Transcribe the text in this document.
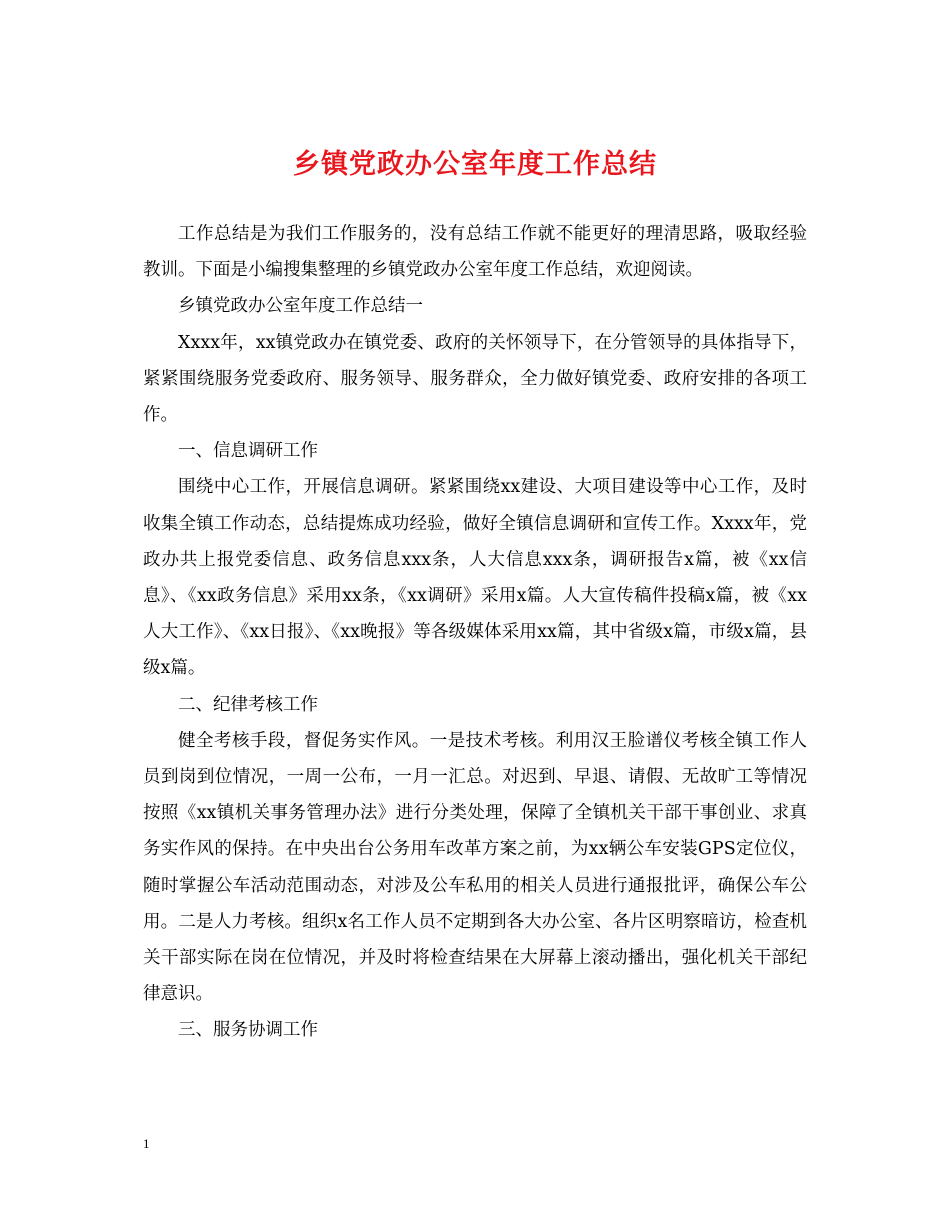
乡镇党政办公室年度工作总结

工作总结是为我们工作服务的，没有总结工作就不能更好的理清思路，吸取经验教训。下面是小编搜集整理的乡镇党政办公室年度工作总结，欢迎阅读。

乡镇党政办公室年度工作总结一

Xxxx年，xx镇党政办在镇党委、政府的关怀领导下，在分管领导的具体指导下，紧紧围绕服务党委政府、服务领导、服务群众，全力做好镇党委、政府安排的各项工作。

一、信息调研工作

围绕中心工作，开展信息调研。紧紧围绕xx建设、大项目建设等中心工作，及时收集全镇工作动态，总结提炼成功经验，做好全镇信息调研和宣传工作。Xxxx年，党政办共上报党委信息、政务信息xxx条，人大信息xxx条，调研报告x篇，被《xx信息》、《xx政务信息》采用xx条，《xx调研》采用x篇。人大宣传稿件投稿x篇，被《xx人大工作》、《xx日报》、《xx晚报》等各级媒体采用xx篇，其中省级x篇，市级x篇，县级x篇。

二、纪律考核工作

健全考核手段，督促务实作风。一是技术考核。利用汉王脸谱仪考核全镇工作人员到岗到位情况，一周一公布，一月一汇总。对迟到、早退、请假、无故旷工等情况按照《xx镇机关事务管理办法》进行分类处理，保障了全镇机关干部干事创业、求真务实作风的保持。在中央出台公务用车改革方案之前，为xx辆公车安装GPS定位仪，随时掌握公车活动范围动态，对涉及公车私用的相关人员进行通报批评，确保公车公用。二是人力考核。组织x名工作人员不定期到各大办公室、各片区明察暗访，检查机关干部实际在岗在位情况，并及时将检查结果在大屏幕上滚动播出，强化机关干部纪律意识。

三、服务协调工作

1
